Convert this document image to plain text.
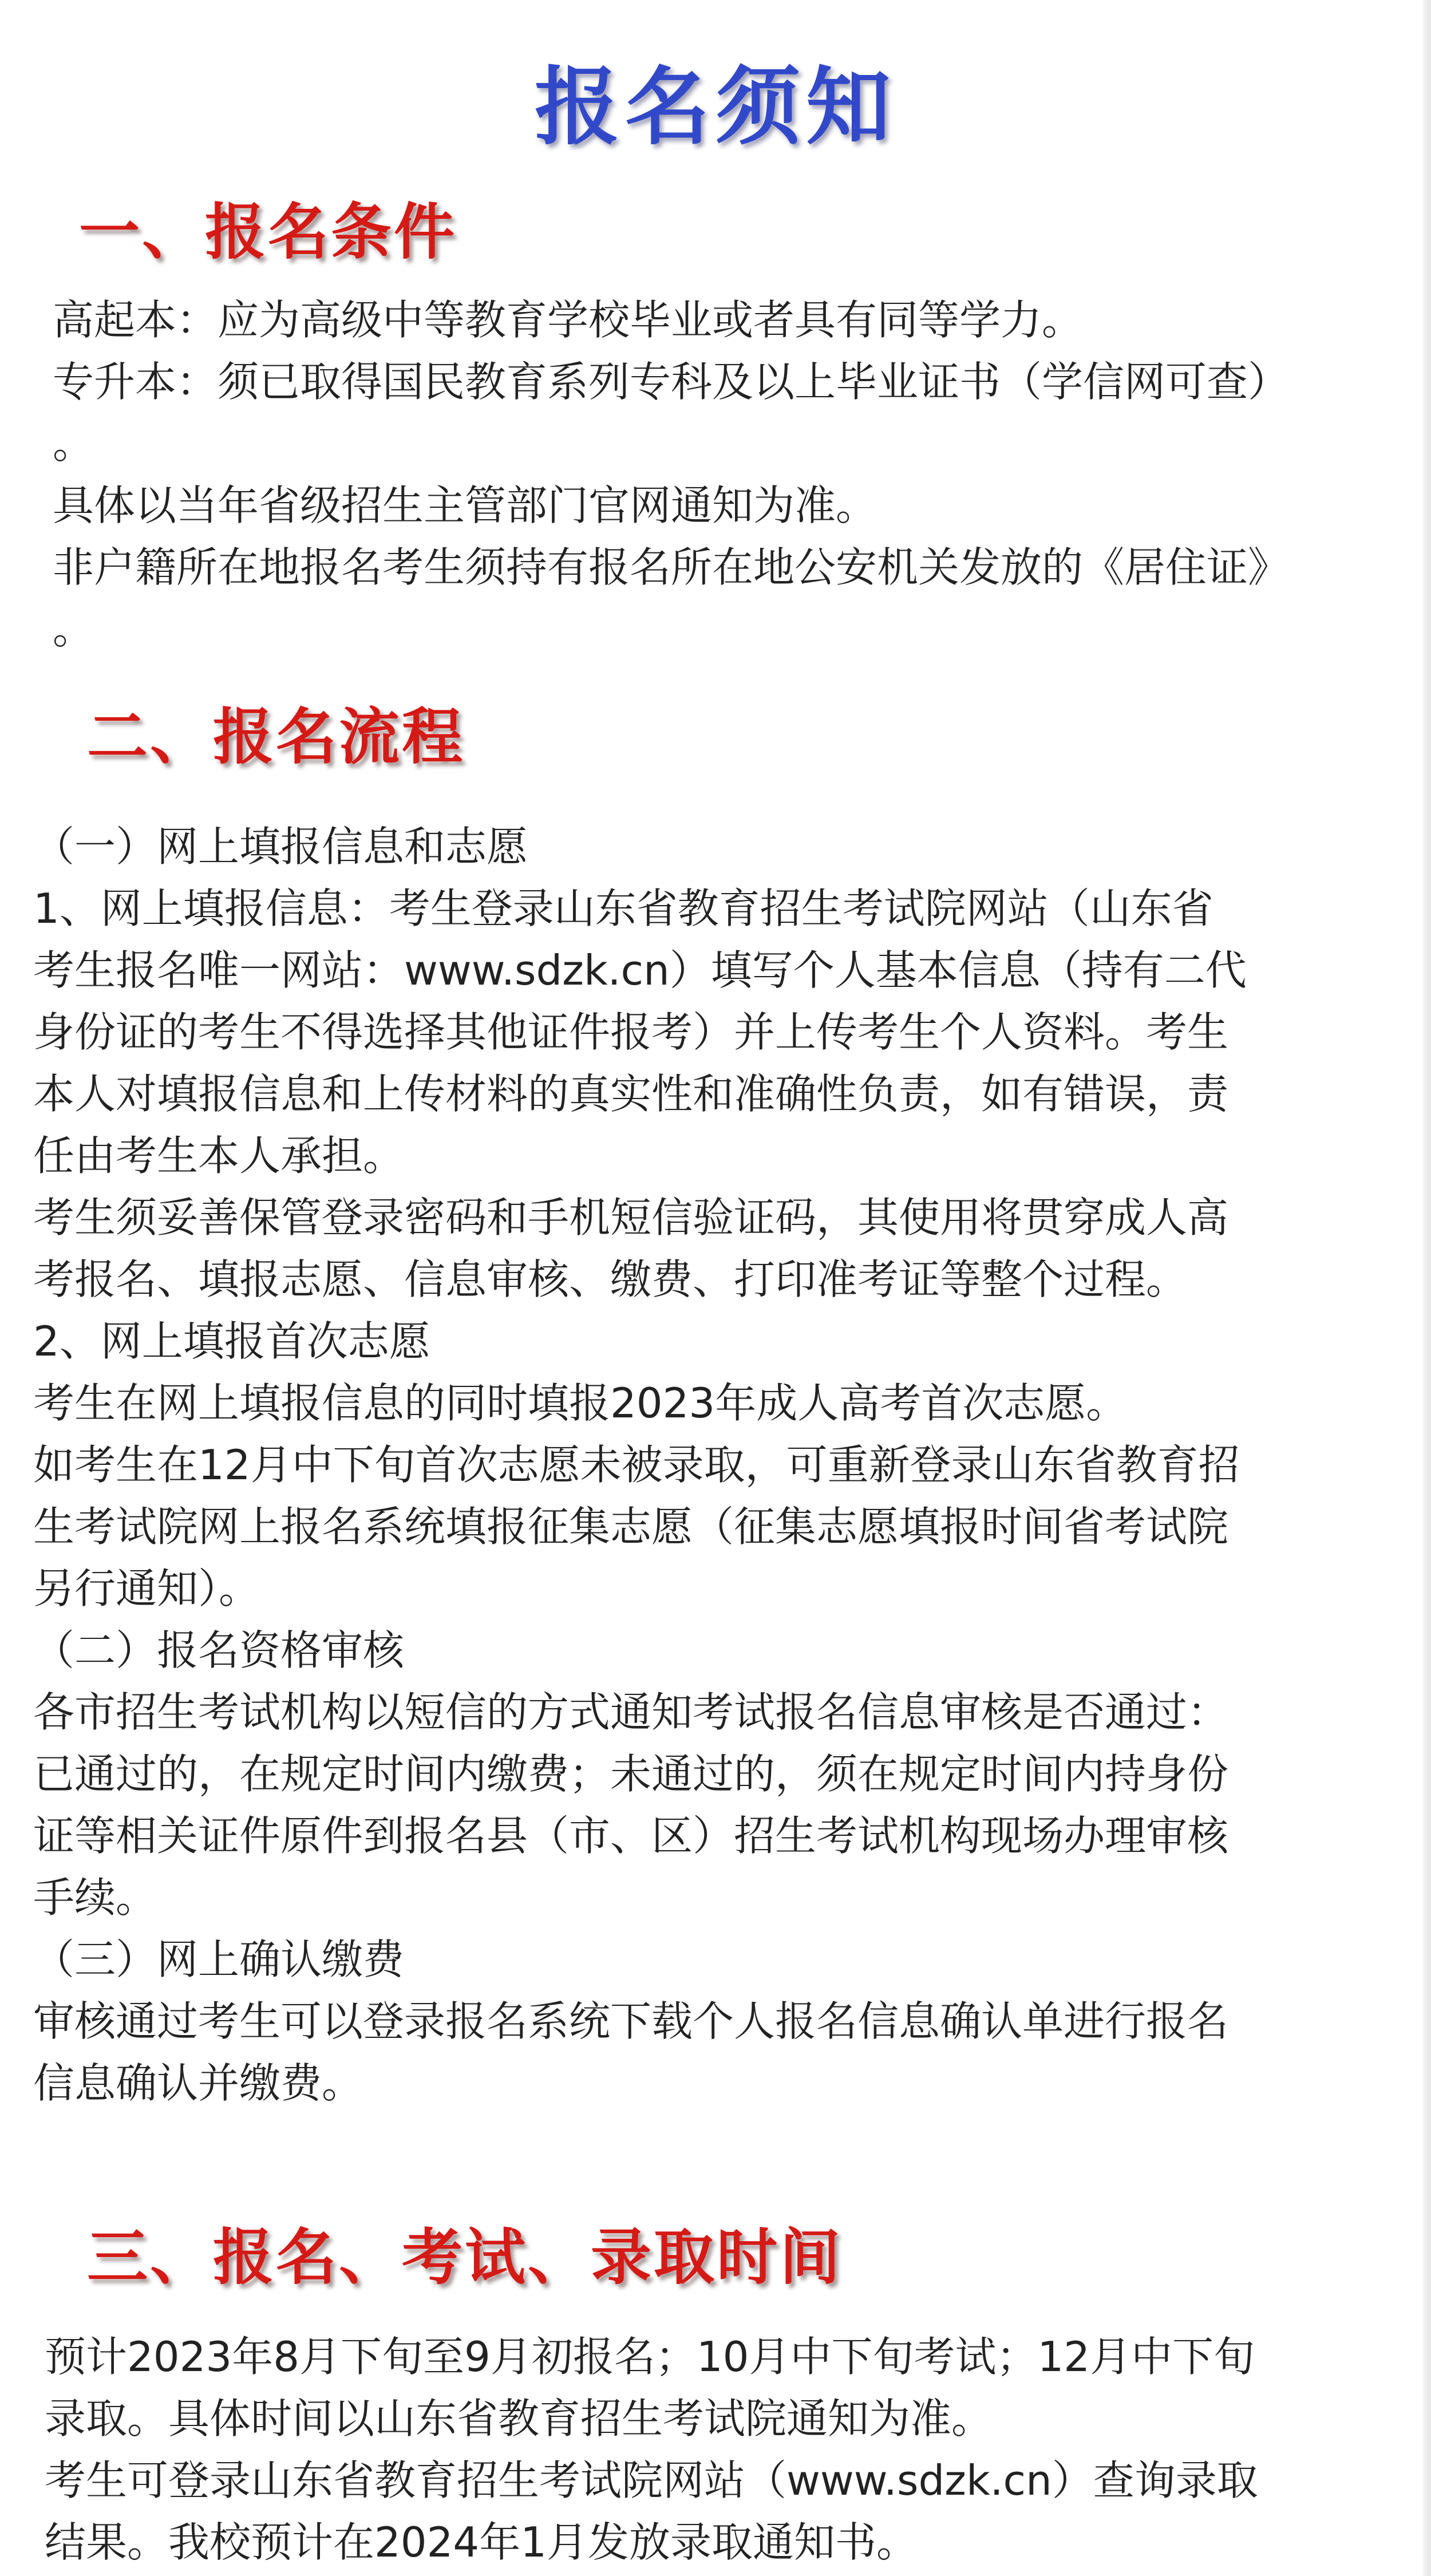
报名须知
一、报名条件
高起本：应为高级中等教育学校毕业或者具有同等学力。
专升本：须已取得国民教育系列专科及以上毕业证书（学信网可查）
。
具体以当年省级招生主管部门官网通知为准。
非户籍所在地报名考生须持有报名所在地公安机关发放的《居住证》
。
二、报名流程
（一）网上填报信息和志愿
1、网上填报信息：考生登录山东省教育招生考试院网站（山东省
考生报名唯一网站：www.sdzk.cn）填写个人基本信息（持有二代
身份证的考生不得选择其他证件报考）并上传考生个人资料。考生
本人对填报信息和上传材料的真实性和准确性负责，如有错误，责
任由考生本人承担。
考生须妥善保管登录密码和手机短信验证码，其使用将贯穿成人高
考报名、填报志愿、信息审核、缴费、打印准考证等整个过程。
2、网上填报首次志愿
考生在网上填报信息的同时填报2023年成人高考首次志愿。
如考生在12月中下旬首次志愿未被录取，可重新登录山东省教育招
生考试院网上报名系统填报征集志愿（征集志愿填报时间省考试院
另行通知）。
（二）报名资格审核
各市招生考试机构以短信的方式通知考试报名信息审核是否通过：
已通过的，在规定时间内缴费；未通过的，须在规定时间内持身份
证等相关证件原件到报名县（市、区）招生考试机构现场办理审核
手续。
（三）网上确认缴费
审核通过考生可以登录报名系统下载个人报名信息确认单进行报名
信息确认并缴费。
三、报名、考试、录取时间
预计2023年8月下旬至9月初报名；10月中下旬考试；12月中下旬
录取。具体时间以山东省教育招生考试院通知为准。
考生可登录山东省教育招生考试院网站（www.sdzk.cn）查询录取
结果。我校预计在2024年1月发放录取通知书。
